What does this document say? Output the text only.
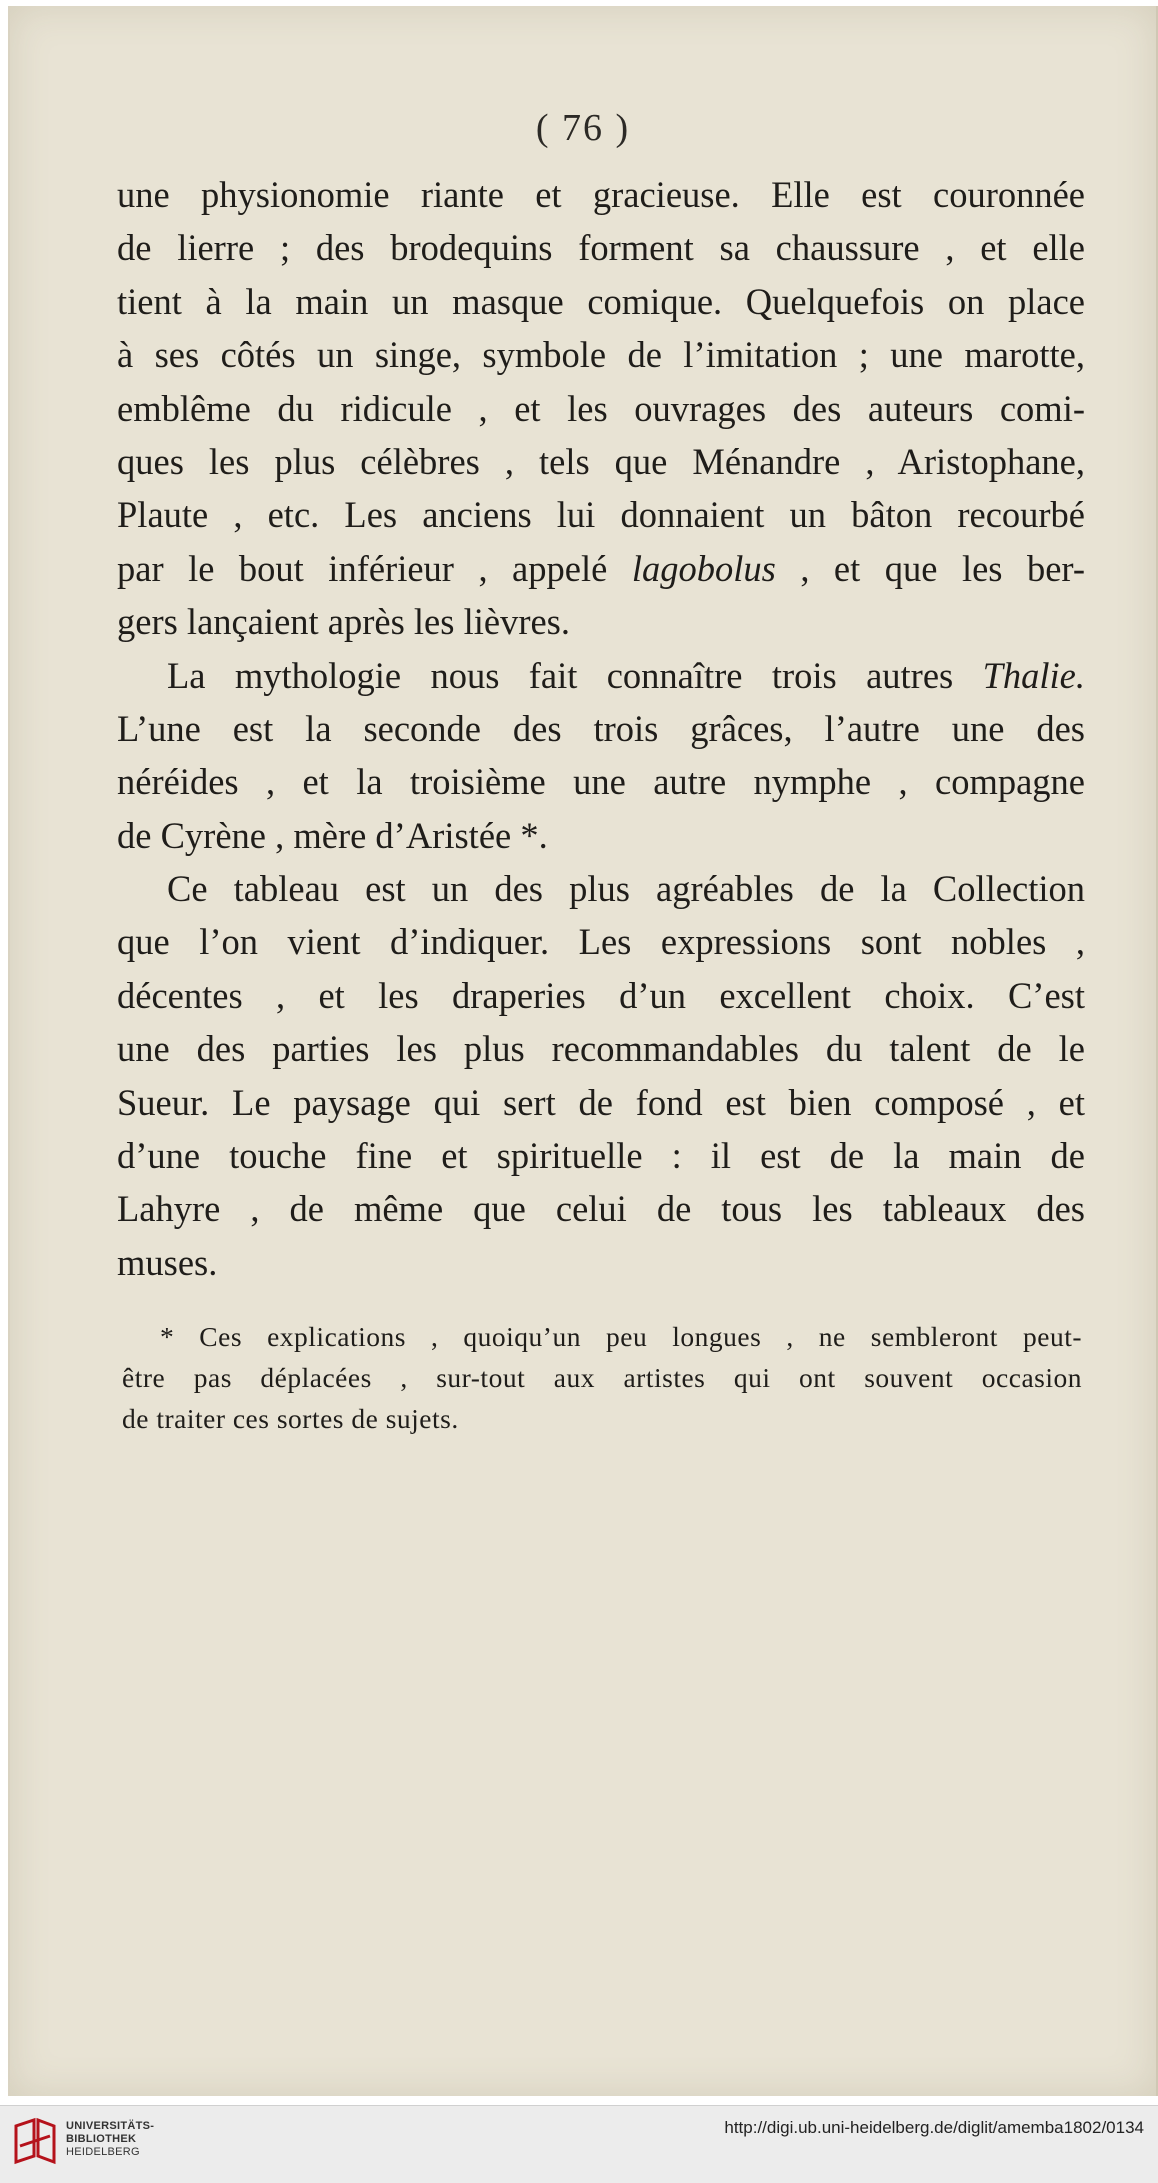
( 76 )
une physionomie riante et gracieuse. Elle est couronnée
de lierre ; des brodequins forment sa chaussure , et elle
tient à la main un masque comique. Quelquefois on place
à ses côtés un singe, symbole de l’imitation ; une marotte,
emblême du ridicule , et les ouvrages des auteurs comi-
ques les plus célèbres , tels que Ménandre , Aristophane,
Plaute , etc. Les anciens lui donnaient un bâton recourbé
par le bout inférieur , appelé lagobolus , et que les ber-
gers lançaient après les lièvres.
La mythologie nous fait connaître trois autres Thalie.
L’une est la seconde des trois grâces, l’autre une des
néréides , et la troisième une autre nymphe , compagne
de Cyrène , mère d’Aristée *.
Ce tableau est un des plus agréables de la Collection
que l’on vient d’indiquer. Les expressions sont nobles ,
décentes , et les draperies d’un excellent choix. C’est
une des parties les plus recommandables du talent de le
Sueur. Le paysage qui sert de fond est bien composé , et
d’une touche fine et spirituelle : il est de la main de
Lahyre , de même que celui de tous les tableaux des
muses.
* Ces explications , quoiqu’un peu longues , ne sembleront peut-
être pas déplacées , sur-tout aux artistes qui ont souvent occasion
de traiter ces sortes de sujets.
UNIVERSITÄTS-
BIBLIOTHEK
HEIDELBERG
http://digi.ub.uni-heidelberg.de/diglit/amemba1802/0134
